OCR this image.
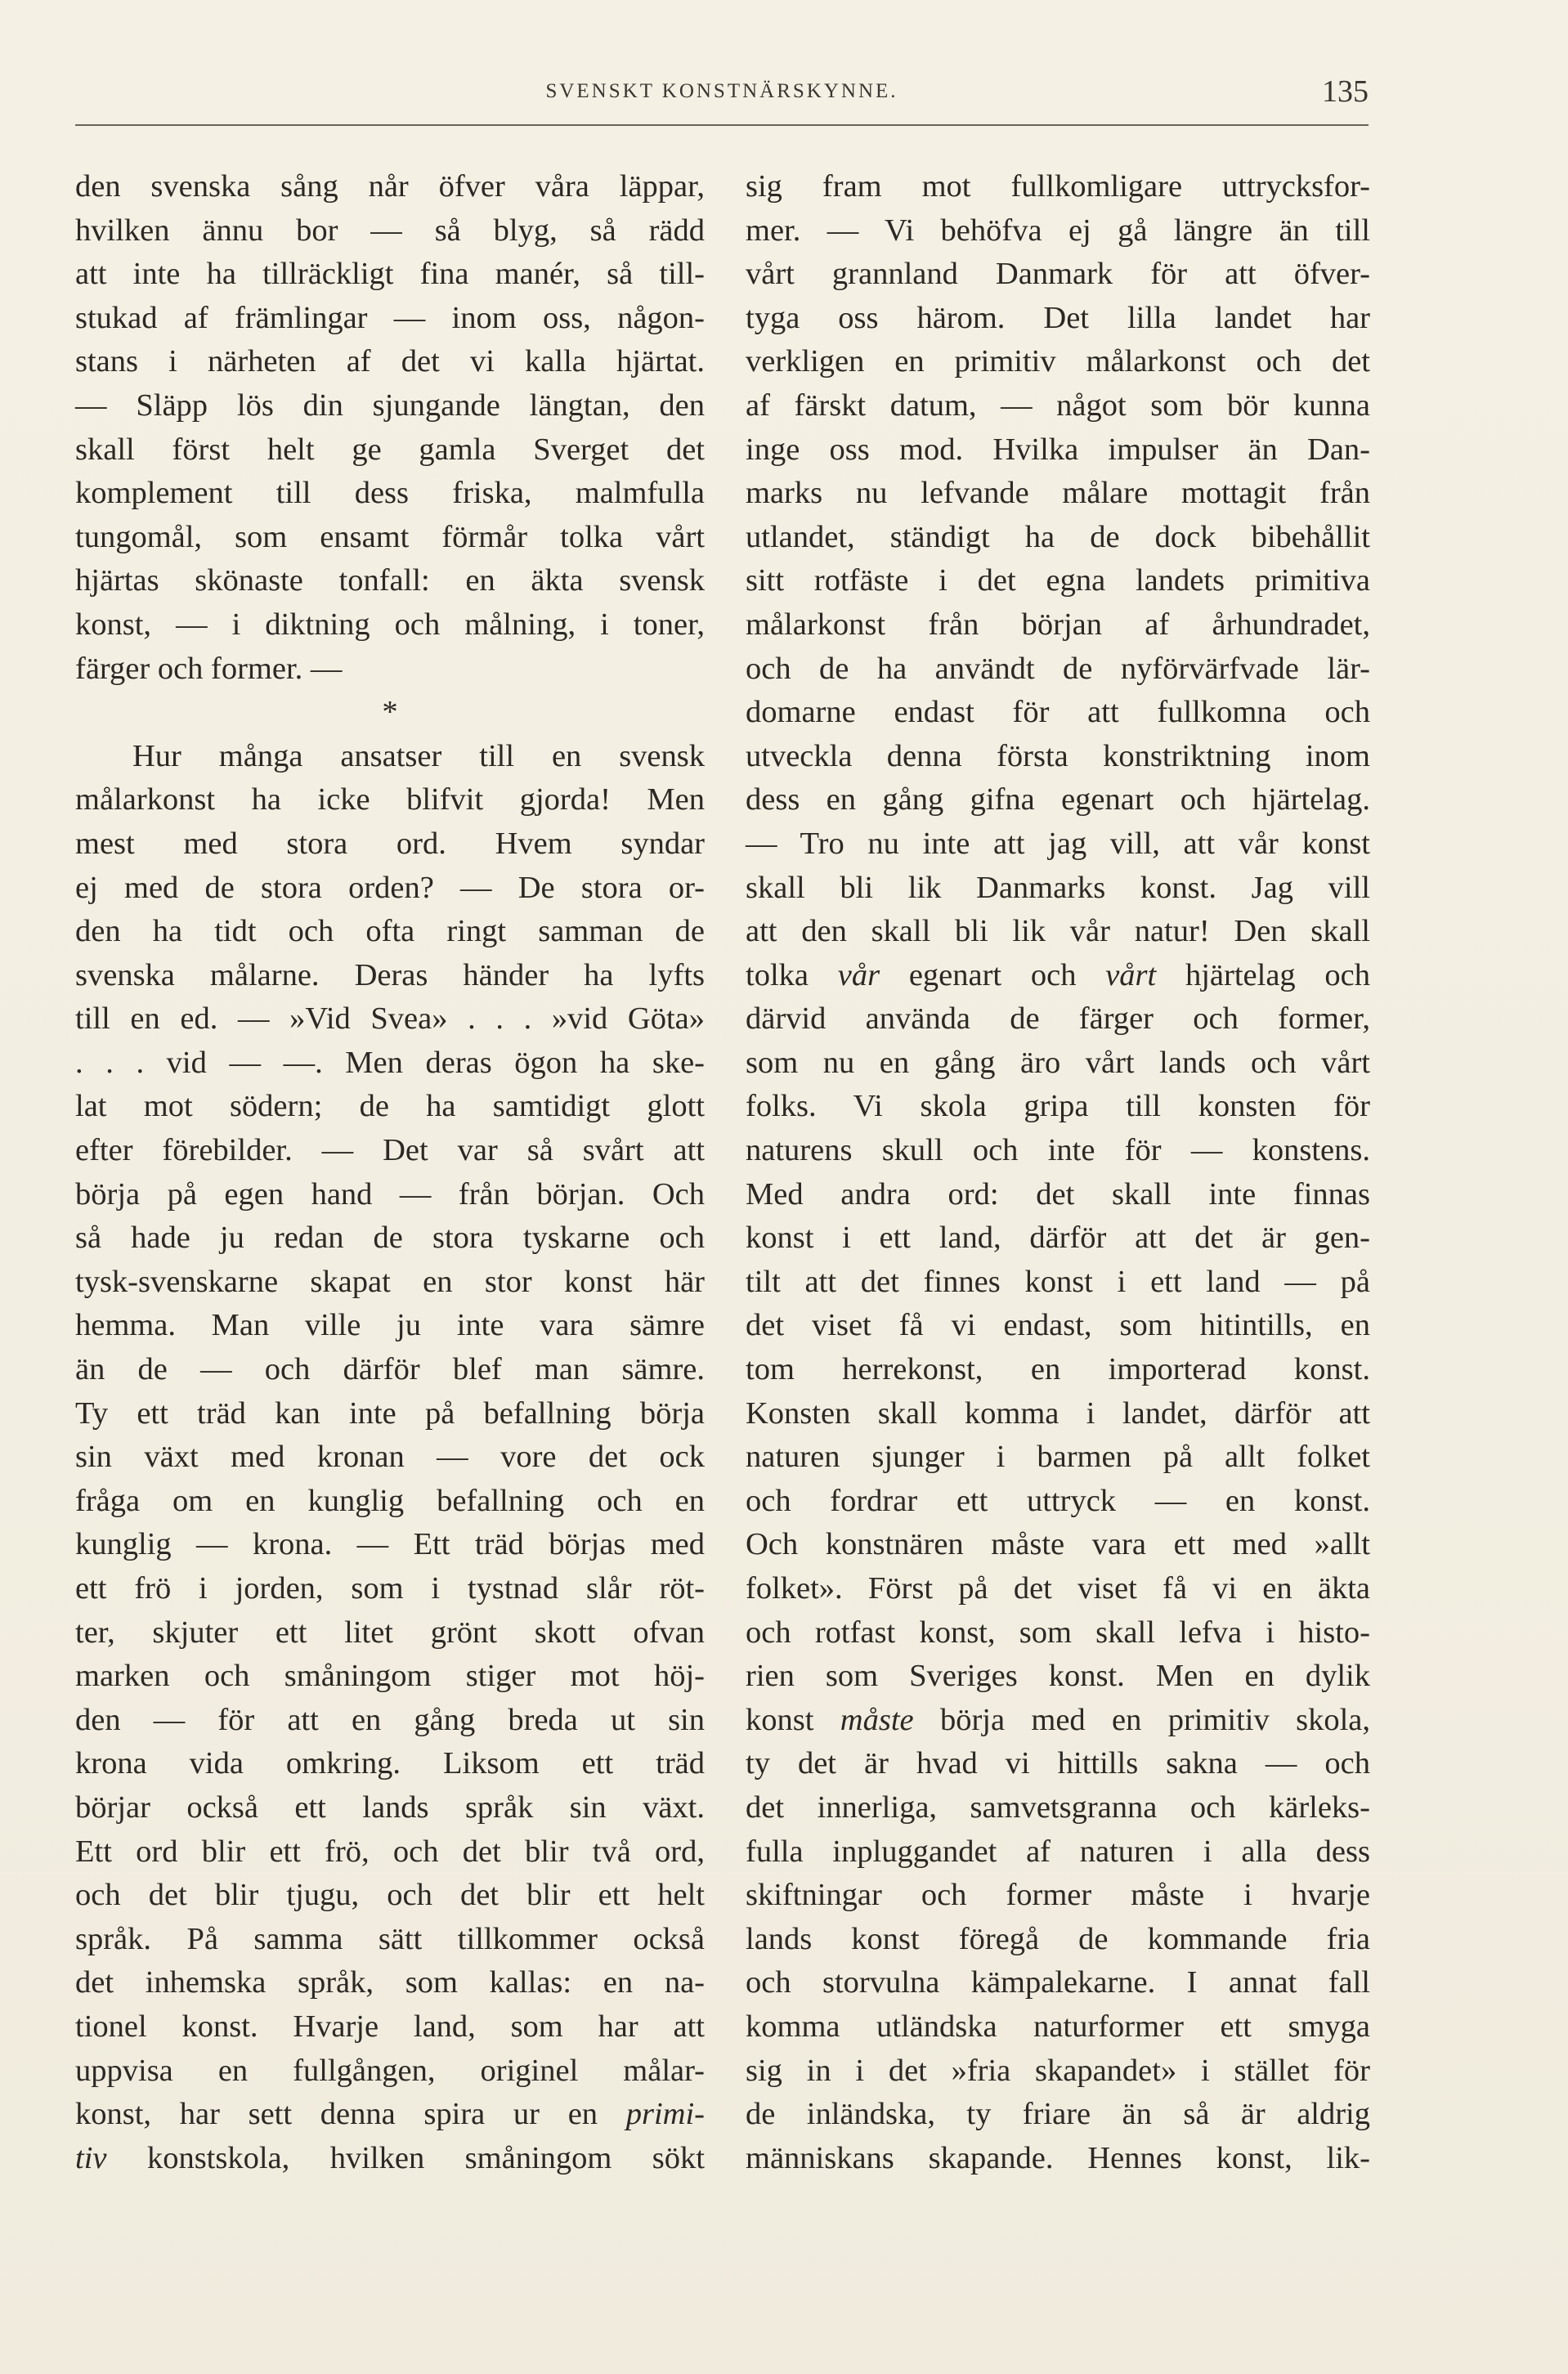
SVENSKT KONSTNÄRSKYNNE.	135
den svenska sång når öfver våra läppar,
hvilken ännu bor — så blyg, så rädd
att inte ha tillräckligt fina manér, så till-
stukad af främlingar — inom oss, någon-
stans i närheten af det vi kalla hjärtat.
— Släpp lös din sjungande längtan, den
skall först helt ge gamla Sverget det
komplement till dess friska, malmfulla
tungomål, som ensamt förmår tolka vårt
hjärtas skönaste tonfall: en äkta svensk
konst, — i diktning och målning, i toner,
färger och former. —
*
Hur många ansatser till en svensk
målarkonst ha icke blifvit gjorda! Men
mest med stora ord. Hvem syndar
ej med de stora orden? — De stora or-
den ha tidt och ofta ringt samman de
svenska målarne. Deras händer ha lyfts
till en ed. — »Vid Svea» . . . »vid Göta»
. . . vid — —. Men deras ögon ha ske-
lat mot södern; de ha samtidigt glott
efter förebilder. — Det var så svårt att
börja på egen hand — från början. Och
så hade ju redan de stora tyskarne och
tysk-svenskarne skapat en stor konst här
hemma. Man ville ju inte vara sämre
än de — och därför blef man sämre.
Ty ett träd kan inte på befallning börja
sin växt med kronan — vore det ock
fråga om en kunglig befallning och en
kunglig — krona. — Ett träd börjas med
ett frö i jorden, som i tystnad slår röt-
ter, skjuter ett litet grönt skott ofvan
marken och småningom stiger mot höj-
den — för att en gång breda ut sin
krona vida omkring. Liksom ett träd
börjar också ett lands språk sin växt.
Ett ord blir ett frö, och det blir två ord,
och det blir tjugu, och det blir ett helt
språk. På samma sätt tillkommer också
det inhemska språk, som kallas: en na-
tionel konst. Hvarje land, som har att
uppvisa en fullgången, originel målar-
konst, har sett denna spira ur en primi-
tiv konstskola, hvilken småningom sökt
sig fram mot fullkomligare uttrycksfor-
mer. — Vi behöfva ej gå längre än till
vårt grannland Danmark för att öfver-
tyga oss härom. Det lilla landet har
verkligen en primitiv målarkonst och det
af färskt datum, — något som bör kunna
inge oss mod. Hvilka impulser än Dan-
marks nu lefvande målare mottagit från
utlandet, ständigt ha de dock bibehållit
sitt rotfäste i det egna landets primitiva
målarkonst från början af århundradet,
och de ha användt de nyförvärfvade lär-
domarne endast för att fullkomna och
utveckla denna första konstriktning inom
dess en gång gifna egenart och hjärtelag.
— Tro nu inte att jag vill, att vår konst
skall bli lik Danmarks konst. Jag vill
att den skall bli lik vår natur! Den skall
tolka vår egenart och vårt hjärtelag och
därvid använda de färger och former,
som nu en gång äro vårt lands och vårt
folks. Vi skola gripa till konsten för
naturens skull och inte för — konstens.
Med andra ord: det skall inte finnas
konst i ett land, därför att det är gen-
tilt att det finnes konst i ett land — på
det viset få vi endast, som hitintills, en
tom herrekonst, en importerad konst.
Konsten skall komma i landet, därför att
naturen sjunger i barmen på allt folket
och fordrar ett uttryck — en konst.
Och konstnären måste vara ett med »allt
folket». Först på det viset få vi en äkta
och rotfast konst, som skall lefva i histo-
rien som Sveriges konst. Men en dylik
konst måste börja med en primitiv skola,
ty det är hvad vi hittills sakna — och
det innerliga, samvetsgranna och kärleks-
fulla inpluggandet af naturen i alla dess
skiftningar och former måste i hvarje
lands konst föregå de kommande fria
och storvulna kämpalekarne. I annat fall
komma utländska naturformer ett smyga
sig in i det »fria skapandet» i stället för
de inländska, ty friare än så är aldrig
människans skapande. Hennes konst, lik-
